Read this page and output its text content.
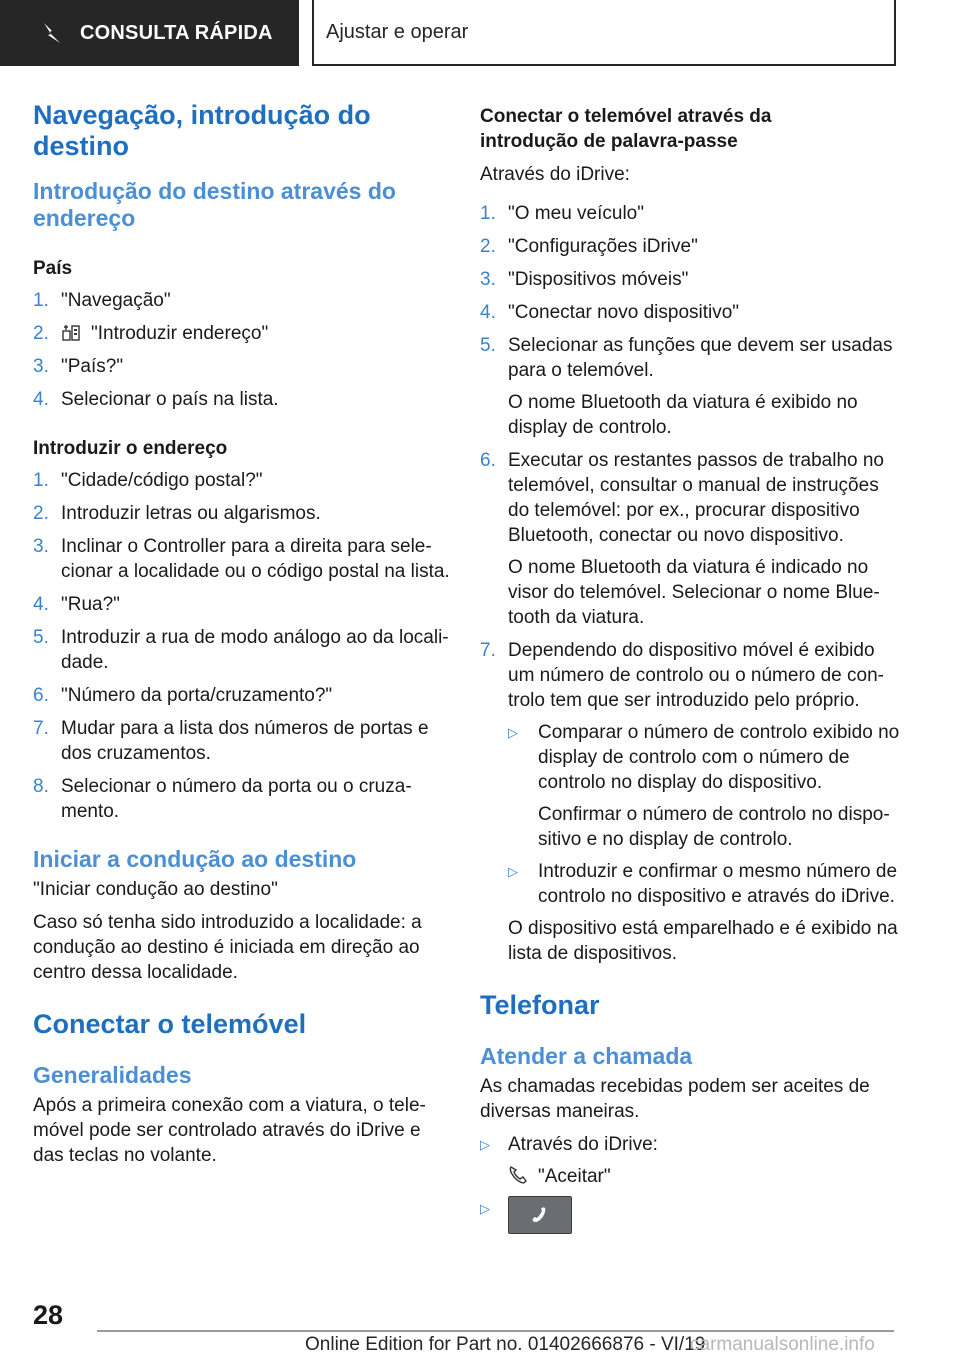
CONSULTA RÁPIDA	Ajustar e operar
Navegação, introdução do destino
Introdução do destino através do endereço
País
1. "Navegação"
2. "Introduzir endereço"
3. "País?"
4. Selecionar o país na lista.
Introduzir o endereço
1. "Cidade/código postal?"
2. Introduzir letras ou algarismos.
3. Inclinar o Controller para a direita para sele‐cionar a localidade ou o código postal na lista.
4. "Rua?"
5. Introduzir a rua de modo análogo ao da locali‐dade.
6. "Número da porta/cruzamento?"
7. Mudar para a lista dos números de portas e dos cruzamentos.
8. Selecionar o número da porta ou o cruza‐mento.
Iniciar a condução ao destino
"Iniciar condução ao destino"
Caso só tenha sido introduzido a localidade: a condução ao destino é iniciada em direção ao centro dessa localidade.
Conectar o telemóvel
Generalidades
Após a primeira conexão com a viatura, o tele‐móvel pode ser controlado através do iDrive e das teclas no volante.
Conectar o telemóvel através da introdução de palavra-passe
Através do iDrive:
1. "O meu veículo"
2. "Configurações iDrive"
3. "Dispositivos móveis"
4. "Conectar novo dispositivo"
5. Selecionar as funções que devem ser usadas para o telemóvel.
O nome Bluetooth da viatura é exibido no display de controlo.
6. Executar os restantes passos de trabalho no telemóvel, consultar o manual de instruções do telemóvel: por ex., procurar dispositivo Bluetooth, conectar ou novo dispositivo.
O nome Bluetooth da viatura é indicado no visor do telemóvel. Selecionar o nome Blue‐tooth da viatura.
7. Dependendo do dispositivo móvel é exibido um número de controlo ou o número de con‐trolo tem que ser introduzido pelo próprio.
▷ Comparar o número de controlo exibido no display de controlo com o número de controlo no display do dispositivo.
Confirmar o número de controlo no dispo‐sitivo e no display de controlo.
▷ Introduzir e confirmar o mesmo número de controlo no dispositivo e através do iDrive.
O dispositivo está emparelhado e é exibido na lista de dispositivos.
Telefonar
Atender a chamada
As chamadas recebidas podem ser aceites de diversas maneiras.
▷ Através do iDrive:
"Aceitar"
▷
28
Online Edition for Part no. 01402666876 - VI/19
carmanualsonline.info
